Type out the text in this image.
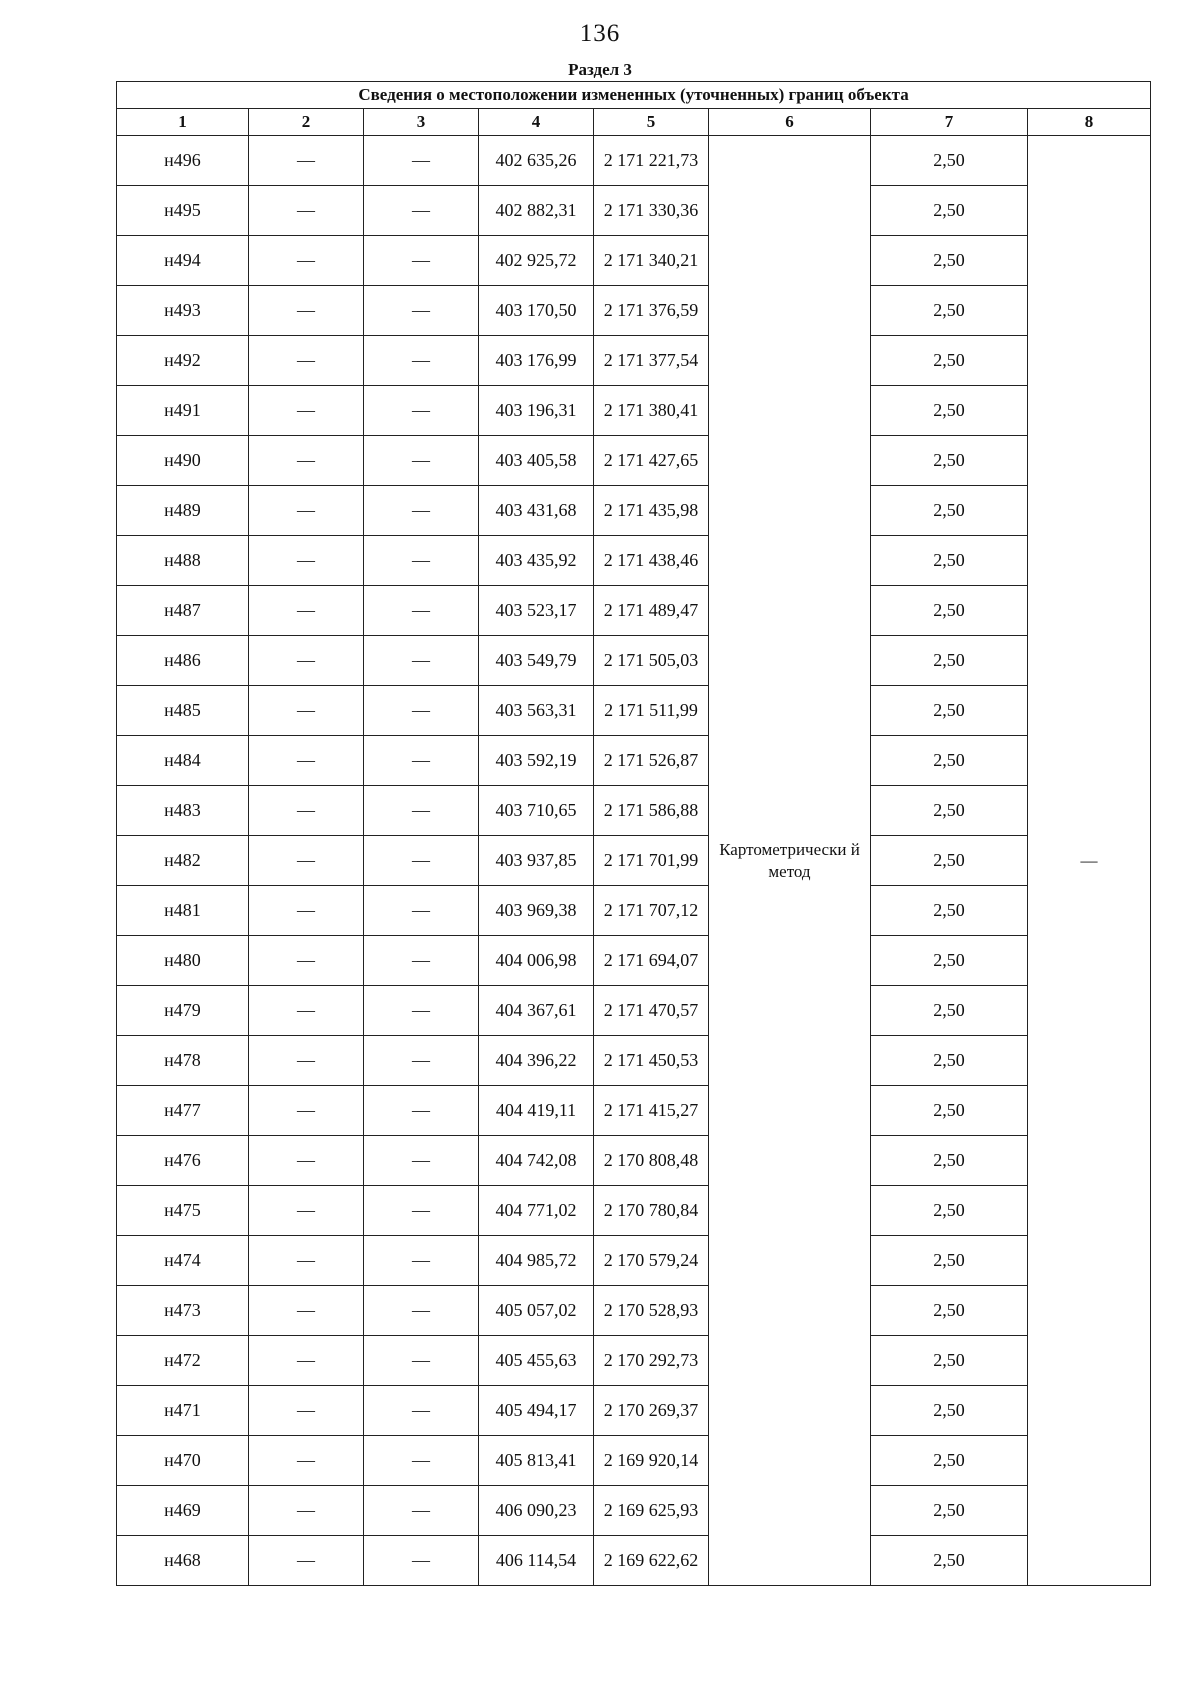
136
Раздел 3
Сведения о местоположении измененных (уточненных) границ объекта							
1	2	3	4	5	6	7	8
н496	—	—	402 635,26	2 171 221,73	Картометрически й метод	2,50	—
н495	—	—	402 882,31	2 171 330,36		2,50	
н494	—	—	402 925,72	2 171 340,21		2,50	
н493	—	—	403 170,50	2 171 376,59		2,50	
н492	—	—	403 176,99	2 171 377,54		2,50	
н491	—	—	403 196,31	2 171 380,41		2,50	
н490	—	—	403 405,58	2 171 427,65		2,50	
н489	—	—	403 431,68	2 171 435,98		2,50	
н488	—	—	403 435,92	2 171 438,46		2,50	
н487	—	—	403 523,17	2 171 489,47		2,50	
н486	—	—	403 549,79	2 171 505,03		2,50	
н485	—	—	403 563,31	2 171 511,99		2,50	
н484	—	—	403 592,19	2 171 526,87		2,50	
н483	—	—	403 710,65	2 171 586,88		2,50	
н482	—	—	403 937,85	2 171 701,99		2,50	
н481	—	—	403 969,38	2 171 707,12		2,50	
н480	—	—	404 006,98	2 171 694,07		2,50	
н479	—	—	404 367,61	2 171 470,57		2,50	
н478	—	—	404 396,22	2 171 450,53		2,50	
н477	—	—	404 419,11	2 171 415,27		2,50	
н476	—	—	404 742,08	2 170 808,48		2,50	
н475	—	—	404 771,02	2 170 780,84		2,50	
н474	—	—	404 985,72	2 170 579,24		2,50	
н473	—	—	405 057,02	2 170 528,93		2,50	
н472	—	—	405 455,63	2 170 292,73		2,50	
н471	—	—	405 494,17	2 170 269,37		2,50	
н470	—	—	405 813,41	2 169 920,14		2,50	
н469	—	—	406 090,23	2 169 625,93		2,50	
н468	—	—	406 114,54	2 169 622,62		2,50	
